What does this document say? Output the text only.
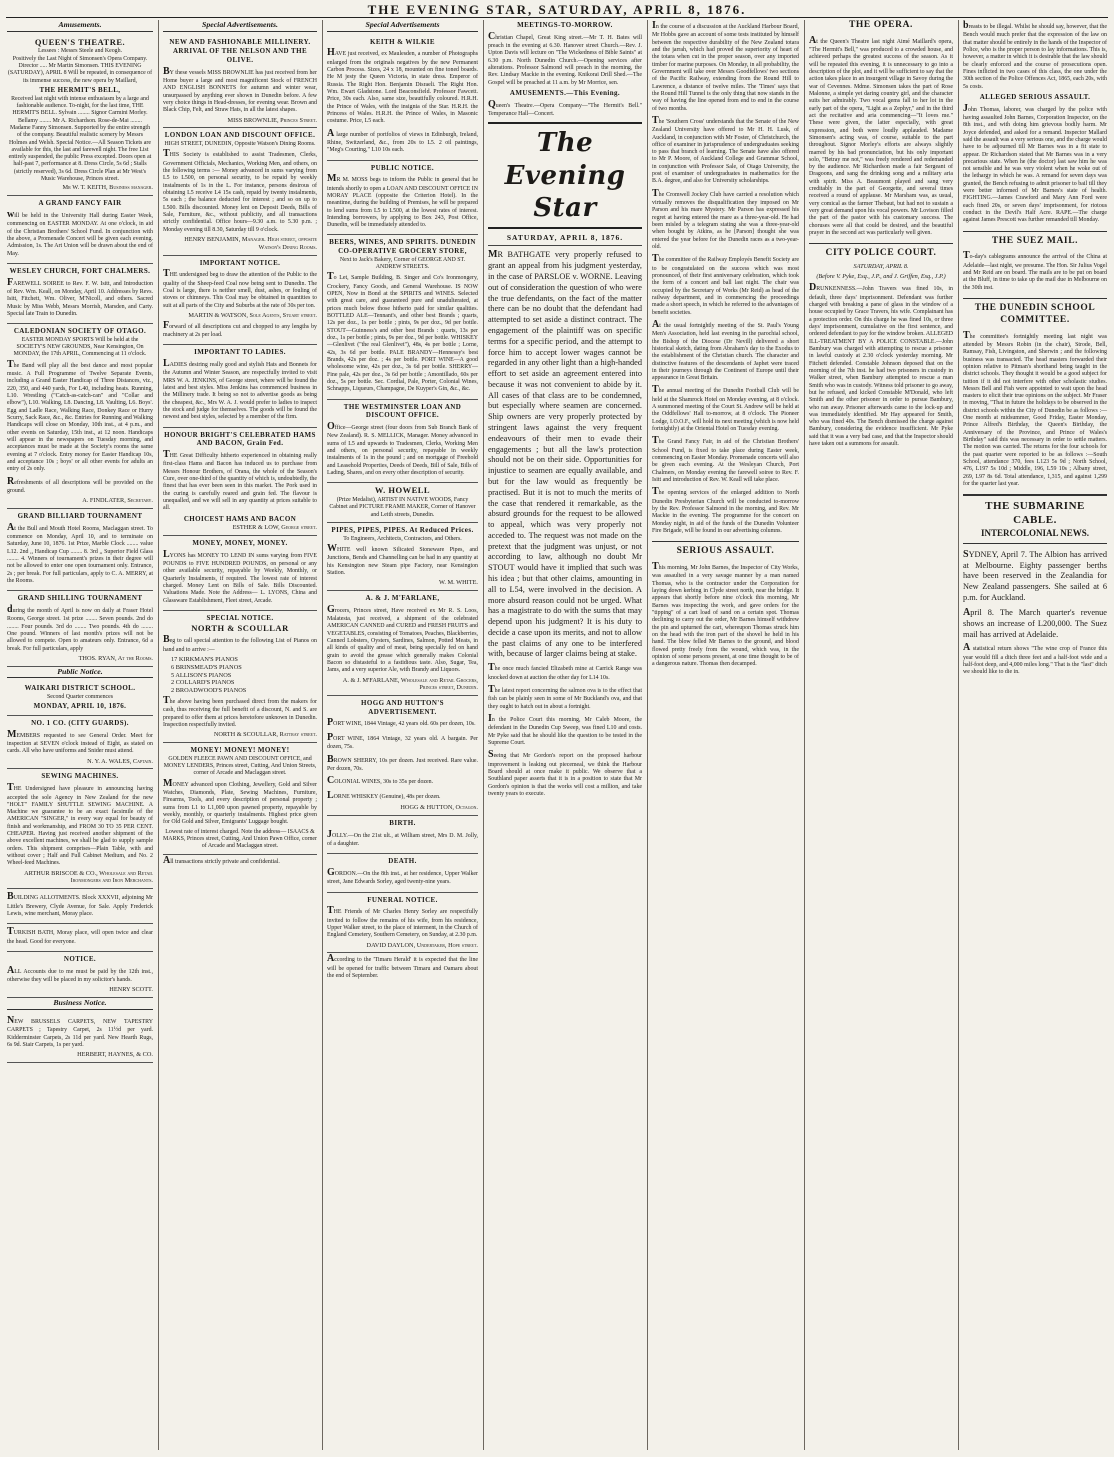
THE EVENING STAR, SATURDAY, APRIL 8, 1876.
Amusements.
QUEEN'S THEATRE.
Lessees : Messrs Steele and Keogh.
Positively the Last Night of Simonsen's Opera Company. Director ..... Mr Martin Simonsen. THIS EVENING (SATURDAY), APRIL 8 Will be repeated, in consequence of its immense success, the new opera by Maillard,
THE HERMIT'S BELL,
Received last night with intense enthusiasm by a large and fashionable audience. To-night, for the last time, THE HERMIT'S BELL. Sylvain ........ Signor Carmini Morley. Bellamy ........ Mr A. Richardson. Rose-de-Mai ........ Madame Fanny Simonsen. Supported by the entire strength of the company. Beautiful realistic scenery by Messrs Holmes and Welsh. Special Notice.—All Season Tickets are available for this, the last and farewell night. The free List entirely suspended, the public Press excepted. Doors open at half-past 7, performance at 8. Dress Circle, 5s 6d ; Stalls (strictly reserved), 3s 6d. Dress Circle Plan at Mr West's Music Warehouse, Princes street.
Mr W. T. KEITH, Business manager.
A GRAND FANCY FAIR
will be held in the University Hall during Easter Week, commencing on EASTER MONDAY. At one o'clock, in aid of the Christian Brothers' School Fund. In conjunction with the above, a Promenade Concert will be given each evening. Admission, 1s. The Art Union will be drawn about the end of May.
WESLEY CHURCH, FORT CHALMERS.
FAREWELL SOIREE to Rev. F. W. Isitt, and Introduction of Rev. Wm. Keall, on Monday, April 10. Addresses by Revs. Isitt, Fitchett, Wm. Oliver, M'Nicoll, and others. Sacred Music by Miss Webb, Messrs Morrish, Marsden, and Carty. Special late Train to Dunedin.
CALEDONIAN SOCIETY OF OTAGO.
EASTER MONDAY SPORTS Will be held at the SOCIETY'S NEW GROUNDS, Near Kensington, On MONDAY, the 17th APRIL, Commencing at 11 o'clock.
The Band will play all the best dance and most popular music. A Full Programme of Twelve Separate Events, including a Grand Easter Handicap of Three Distances, viz., 220, 350, and 440 yards, For L40, including heats. Running, L10. Wrestling ("Catch-as-catch-can" and "Collar and elbow"), L10. Walking, L8. Dancing, L8. Vaulting, L6. Boys'. Egg and Ladle Race, Walking Race, Donkey Race or Hurry Scurry, Sack Race, &c., &c. Entries for Running and Walking Handicaps will close on Monday, 10th inst., at 4 p.m., and other events on Saturday, 15th inst., at 12 noon. Handicaps will appear in the newspapers on Tuesday morning, and acceptances must be made at the Society's rooms the same evening at 7 o'clock. Entry money for Easter Handicap 10s, and acceptance 10s ; boys' or all other events for adults an entry of 2s only.
Refreshments of all descriptions will be provided on the ground.
A. FINDLATER, Secretary.
GRAND BILLIARD TOURNAMENT
At the Bull and Mouth Hotel Rooms, Maclaggan street. To commence on Monday, April 10, and to terminate on Saturday, June 10, 1876. 1st Prize, Marble Clock ........ value L12. 2nd ,, Handicap Cup ........ 8. 3rd ,, Superior Field Glass ........ 4. Winners of tournament's prizes in their degree will not be allowed to enter one open tournament only. Entrance, 2s ; per break. For full particulars, apply to C. A. MERRY, at the Rooms.
GRAND SHILLING TOURNAMENT
during the month of April is now on daily at Fraser Hotel Rooms, George street. 1st prize ........ Seven pounds. 2nd do ........ Four pounds. 3rd do ........ Two pounds. 4th do ........ One pound. Winners of last month's prizes will not be allowed to compete. Open to amateurs only. Entrance, 6d a break. For full particulars, apply
THOS. RYAN, At the Rooms.
Public Notice.
WAIKARI DISTRICT SCHOOL.
Second Quarter commences
MONDAY, APRIL 10, 1876.
NO. 1 CO. (CITY GUARDS).
MEMBERS requested to see General Order. Meet for inspection at SEVEN o'clock instead of Eight, as stated on cards. All who have uniforms and Snider must attend.
N. Y. A. WALES, Captain.
SEWING MACHINES.
THE Undersigned have pleasure in announcing having accepted the sole Agency in New Zealand for the new "HOLT" FAMILY SHUTTLE SEWING MACHINE. A Machine we guarantee to be an exact facsimile of the AMERICAN "SINGER," in every way equal for beauty of finish and workmanship, and FROM 30 TO 35 PER CENT. CHEAPER. Having just received another shipment of the above excellent machines, we shall be glad to supply sample orders. This shipment comprises—Plain Table, with and without cover ; Half and Full Cabinet Medium, and No. 2 Wheel-feed Machines.
ARTHUR BRISCOE & CO., Wholesale and Retail Ironmongers and Iron Merchants.
BUILDING ALLOTMENTS. Block XXXVII, adjoining Mr Little's Brewery, Clyde Avenue, for Sale. Apply Frederick Lewis, wine merchant, Moray place.
TURKISH BATH, Moray place, will open twice and clear the head. Good for everyone.
NOTICE.
ALL Accounts due to me must be paid by the 12th inst., otherwise they will be placed in my solicitor's hands.
HENRY SCOTT.
Business Notice.
NEW BRUSSELS CARPETS, NEW TAPESTRY CARPETS ; Tapestry Carpet, 2s 11½d per yard. Kidderminster Carpets, 2s 11d per yard. New Hearth Rugs, 6s 9d. Stair Carpets, 1s per yard.
HERBERT, HAYNES, & CO.
Special Advertisements.
NEW AND FASHIONABLE MILLINERY.
ARRIVAL OF THE NELSON AND THE OLIVE.
BY these vessels MISS BROWNLIE has just received from her Home buyer a large and most magnificent Stock of FRENCH AND ENGLISH BONNETS for autumn and winter wear, unsurpassed by anything ever shown in Dunedin before. A few very choice things in Head-dresses, for evening wear. Brown and Black Chip, Felt, and Straw Hats, in all the latest shapes.
MISS BROWNLIE, Princes Street.
LONDON LOAN AND DISCOUNT OFFICE.
HIGH STREET, DUNEDIN, Opposite Watson's Dining Rooms.
THIS Society is established to assist Tradesmen, Clerks, Government Officials, Mechanics, Working Men, and others, on the following terms :— Money advanced in sums varying from L5 to L500, on personal security, to be repaid by weekly instalments of 1s in the L. For instance, persons desirous of obtaining L5 receive L4 15s cash, repaid by twenty instalments, 5s each ; the balance deducted for interest ; and so on up to L500. Bills discounted. Money lent on Deposit Deeds, Bills of Sale, Furniture, &c., without publicity, and all transactions strictly confidential. Office hours—9.30 a.m. to 5.30 p.m. ; Monday evening till 8.30, Saturday till 9 o'clock.
HENRY BENJAMIN, Manager. High street, opposite Watson's Dining Rooms.
IMPORTANT NOTICE.
THE undersigned beg to draw the attention of the Public to the quality of the Sheep-feed Coal now being sent to Dunedin. The Coal is large, there is neither smell, dust, ashes, or fouling of stoves or chimneys. This Coal may be obtained in quantities to suit at all parts of the City and Suburbs at the rate of 30s per ton.
MARTIN & WATSON, Sole Agents, Stuart street.
Forward of all descriptions cut and chopped to any lengths by machinery at 2s per load.
IMPORTANT TO LADIES.
LADIES desiring really good and stylish Hats and Bonnets for the Autumn and Winter Season, are respectfully invited to visit MRS W. A. JENKINS, of George street, where will be found the latest and best styles. Miss Jenkins has commenced business in the Millinery trade. It being so not to advertise goods as being the cheapest, &c., Mrs W. A. J. would prefer to ladies to inspect the stock and judge for themselves. The goods will be found the newest and best styles, selected by a member of the firm.
HONOUR BRIGHT'S CELEBRATED HAMS AND BACON, Grain Fed.
THE Great Difficulty hitherto experienced in obtaining really first-class Hams and Bacon has induced us to purchase from Messrs Honour Brothers, of Orana, the whole of the Season's Cure, over one-third of the quantity of which is, undoubtedly, the finest that has ever been seen in this market. The Pork used in the curing is carefully reared and grain fed. The flavour is unequalled, and we will sell in any quantity at prices suitable to all.
CHOICEST HAMS AND BACON
ESTHER & LOW, George street.
MONEY, MONEY, MONEY.
LYONS has MONEY TO LEND IN sums varying from FIVE POUNDS to FIVE HUNDRED POUNDS, on personal or any other available security, repayable by Weekly, Monthly, or Quarterly Instalments, if required. The lowest rate of interest charged. Money Lent on Bills of Sale. Bills Discounted. Valuations Made. Note the Address— L. LYONS, China and Glassware Establishment, Fleet street, Arcade.
SPECIAL NOTICE.
NORTH & SCOULLAR
Beg to call special attention to the following List of Pianos on hand and to arrive :—
17 KIRKMAN'S PIANOS
6 BRINSMEAD'S PIANOS
5 ALLISON'S PIANOS
2 COLLARD'S PIANOS
2 BROADWOOD'S PIANOS
The above having been purchased direct from the makers for cash, thus receiving the full benefit of a discount, N. and S. are prepared to offer them at prices heretofore unknown in Dunedin. Inspection respectfully invited.
NORTH & SCOULLAR, Rattray street.
MONEY! MONEY! MONEY!
GOLDEN FLEECE PAWN AND DISCOUNT OFFICE, and MONEY LENDERS, Princes street, Cutting, And Union Streets, corner of Arcade and Maclaggan street.
MONEY advanced upon Clothing, Jewellery, Gold and Silver Watches, Diamonds, Plate, Sewing Machines, Furniture, Firearms, Tools, and every description of personal property ; sums from L1 to L1,000 upon pawned property, repayable by weekly, monthly, or quarterly instalments. Highest price given for Old Gold and Silver, Emigrants' Luggage bought.
Lowest rate of interest charged. Note the address— ISAACS & MARKS, Princes street, Cutting, And Union Pawn Office, corner of Arcade and Maclaggan street.
All transactions strictly private and confidential.
Special Advertisements
KEITH & WILKIE
HAVE just received, ex Maulesden, a number of Photographs enlarged from the originals negatives by the new Permanent Carbon Process. Sizes, 24 x 18, mounted on fine toned boards. He M jesty the Queen Victoria, in state dress. Emperor of Russia. The Right Hon. Benjamin Disraeli. The Right Hon. Wm. Ewart Gladstone. Lord Beaconsfield. Professor Fawcett. Price, 30s each. Also, same size, beautifully coloured. H.R.H. the Prince of Wales, with the insignia of the Star. H.R.H. the Princess of Wales. H.R.H. the Prince of Wales, in Masonic costume. Price, L5 each.
A large number of portfolios of views in Edinburgh, Ireland, Rhine, Switzerland, &c., from 20s to L5. 2 oil paintings, "Meg's Courting," L10 10s each.
PUBLIC NOTICE.
MR M. MOSS begs to inform the Public in general that he intends shortly to open a LOAN AND DISCOUNT OFFICE IN MORAY PLACE (opposite the Criterion Hotel). In the meantime, during the building of Premises, he will be prepared to lend sums from L5 to L500, at the lowest rates of interest. Intending borrowers, by applying to Box 243, Post Office, Dunedin, will be immediately attended to.
BEERS, WINES, AND SPIRITS. DUNEDIN CO-OPERATIVE GROCERY STORE,
Next to Jack's Bakery, Corner of GEORGE AND ST. ANDREW STREETS.
To Let, Sample Building, B. Singer and Co's Ironmongery, Crockery, Fancy Goods, and General Warehouse. IS NOW OPEN, Now in Bond at the SPIRITS and WINES. Selected with great care, and guaranteed pure and unadulterated, at prices much below those hitherto paid for similar qualities. BOTTLED ALE—Tennant's, and other best Brands ; quarts, 12s per doz., 1s per bottle ; pints, 9s per doz., 9d per bottle. STOUT—Guinness's and other best Brands : quarts, 13s per doz., 1s per bottle ; pints, 9s per doz., 9d per bottle. WHISKEY—Glenlivet ("the real Glenlivet"), 48s, 4s per bottle ; Lorne, 42s, 3s 6d per bottle. PALE BRANDY—Hennessy's best Brands, 42s per doz. ; 4s per bottle. PORT WINE—A good wholesome wine, 42s per doz., 3s 6d per bottle. SHERRY—Fine pale, 42s per doz., 3s 6d per bottle ; Amontillado, 60s per doz., 5s per bottle. Sec. Cordial, Pale, Porter, Colonial Wines, Schnapps, Liqueurs, Champagne, De Kuyper's Gin, &c., &c.
THE WESTMINSTER LOAN AND DISCOUNT OFFICE.
Office—George street (four doors from Sub Branch Bank of New Zealand). R. S. MELLICK, Manager. Money advanced in sums of L5 and upwards to Tradesmen, Clerks, Working Men and others, on personal security, repayable in weekly instalments of 1s in the pound ; and on mortgage of Freehold and Leasehold Properties, Deeds of Deeds, Bill of Sale, Bills of Lading, Shares, and on every other description of security.
W. HOWELL
(Prize Medalist), ARTIST IN NATIVE WOODS, Fancy Cabinet and PICTURE FRAME MAKER, Corner of Hanover and Leith streets, Dunedin.
PIPES, PIPES, PIPES. At Reduced Prices.
To Engineers, Architects, Contractors, and Others.
WHITE well known Silicated Stoneware Pipes, and Junctions, Bends and Channelling can be had in any quantity at his Kensington new Steam pipe Factory, near Kensington Station.
W. M. WHITE.
A. & J. M'FARLANE,
Grocers, Princes street, Have received ex Mr R. S. Loos, Malatesta, just received, a shipment of the celebrated AMERICAN CANNED and CURED and FRESH FRUITS and VEGETABLES, consisting of Tomatoes, Peaches, Blackberries, Canned Lobsters, Oysters, Sardines, Salmon, Potted Meats, in all kinds of quality and of meat, being specially fed on hand grain to avoid the grease which generally makes Colonial Bacon so distasteful to a fastidious taste. Also, Sugar, Tea, Jams, and a very superior Ale, with Brandy and Liquors.
A. & J. M'FARLANE, Wholesale and Retail Grocers, Princes street, Dunedin.
HOGG AND HUTTON'S ADVERTISEMENT.
PORT WINE, 1844 Vintage, 42 years old. 60s per dozen, 10s.
PORT WINE, 1864 Vintage, 32 years old. A bargain. Per dozen, 75s.
BROWN SHERRY, 10s per dozen. Just received. Rare value. Per dozen, 70s.
COLONIAL WINES, 30s to 35s per dozen.
LORNE WHISKEY (Genuine), 48s per dozen.
HOGG & HUTTON, Octagon.
BIRTH.
JOLLY.—On the 21st ult., at William street, Mrs D. M. Jolly, of a daughter.
DEATH.
GORDON.—On the 8th inst., at her residence, Upper Walker street, Jane Edwards Sorley, aged twenty-nine years.
FUNERAL NOTICE.
THE Friends of Mr Charles Henry Sorley are respectfully invited to follow the remains of his wife, from his residence, Upper Walker street, to the place of interment, in the Church of England Cemetery, Southern Cemetery, on Sunday, at 2.30 p.m.
DAVID DAYLON, Undertaker, Hope street.
According to the 'Timaru Herald' it is expected that the line will be opened for traffic between Timaru and Oamaru about the end of September.
MEETINGS-TO-MORROW.
Christian Chapel, Great King street.—Mr T. H. Bates will preach in the evening at 6.30. Hanover street Church.—Rev. J. Upton Davis will lecture on "The Wickedness of Bible Saints" at 6.30 p.m. North Dunedin Church.—Opening services after alterations. Professor Salmond will preach in the morning, the Rev. Lindsay Mackie in the evening. Knikorai Drill Shed.—The Gospel will be preached at 11 a.m. by Mr Morrice, sen.
AMUSEMENTS.—This Evening.
Queen's Theatre.—Opera Company—"The Hermit's Bell." Temperance Hall—Concert.
The Evening Star
SATURDAY, APRIL 8, 1876.
MR BATHGATE very properly refused to grant an appeal from his judgment yesterday, in the case of PARSLOE v. WORNE. Leaving out of consideration the question of who were the true defendants, on the fact of the matter there can be no doubt that the defendant had attempted to set aside a distinct contract. The engagement of the plaintiff was on specific terms for a specific period, and the attempt to force him to accept lower wages cannot be regarded in any other light than a high-handed effort to set aside an agreement entered into because it was not convenient to abide by it. All cases of that class are to be condemned, but especially where seamen are concerned. Ship owners are very properly protected by stringent laws against the very frequent endeavours of their men to evade their engagements ; but all the law's protection should not be on their side. Opportunities for injustice to seamen are equally available, and but for the law would as frequently be practised. But it is not to much the merits of the case that rendered it remarkable, as the absurd grounds for the request to be allowed to appeal, which was very properly not acceded to. The request was not made on the pretext that the judgment was unjust, or not according to law, although no doubt Mr STOUT would have it implied that such was his idea ; but that other claims, amounting in all to L54, were involved in the decision. A more absurd reason could not be urged. What has a magistrate to do with the sums that may depend upon his judgment? It is his duty to decide a case upon its merits, and not to allow the past claims of any one to be interfered with, because of larger claims being at stake.
The once much fancied Elizabeth mine at Carrick Range was knocked down at auction the other day for L14 10s.
The latest report concerning the salmon ova is to the effect that fish can be plainly seen in some of Mr Buckland's ova, and that they ought to hatch out in about a fortnight.
In the Police Court this morning, Mr Caleb Moore, the defendant in the Dunedin Cup Sweep, was fined L10 and costs. Mr Pyke said that he should like the question to be tested in the Supreme Court.
Seeing that Mr Gordon's report on the proposed harbour improvement is leaking out piecemeal, we think the Harbour Board should at once make it public. We observe that a Southland paper asserts that it is in a position to state that Mr Gordon's opinion is that the works will cost a million, and take twenty years to execute.
In the course of a discussion at the Auckland Harbour Board, Mr Hobbs gave an account of some tests instituted by himself between the respective durability of the New Zealand totara and the jarrah, which had proved the superiority of heart of the totara when cut in the proper season, over any imported timber for marine purposes. On Monday, in all probability, the Government will take over Messrs Goodfellows' two sections of the Pacific Railway, extending from the Round Hill to Lawrence, a distance of twelve miles. The 'Times' says that the Round Hill Tunnel is the only thing that now stands in the way of having the line opened from end to end in the course of two months.
The 'Southern Cross' understands that the Senate of the New Zealand University have offered to Mr H. H. Lusk, of Auckland, in conjunction with Mr Foster, of Christchurch, the office of examiner in jurisprudence of undergraduates seeking to pass that branch of learning. The Senate have also offered to Mr P. Moore, of Auckland College and Grammar School, in conjunction with Professor Sale, of Otago University, the post of examiner of undergraduates in mathematics for the B.A. degree, and also for University scholarships.
The Cromwell Jockey Club have carried a resolution which virtually removes the disqualification they imposed on Mr Parson and his mare Mystery. Mr Parson has expressed his regret at having entered the mare as a three-year-old. He had been misled by a telegram stating she was a three-year-old when bought by Atkins, as he [Parson] thought she was entered the year before for the Dunedin races as a two-year-old.
The committee of the Railway Employés Benefit Society are to be congratulated on the success which was most pronounced, of their first anniversary celebration, which took the form of a concert and ball last night. The chair was occupied by the Secretary of Works (Mr Reid) as head of the railway department, and in commencing the proceedings made a short speech, in which he referred to the advantages of benefit societies.
At the usual fortnightly meeting of the St. Paul's Young Men's Association, held last evening in the parochial school, the Bishop of the Diocese (Dr Nevill) delivered a short historical sketch, dating from Abraham's day to the Exodus to the establishment of the Christian church. The character and distinctive features of the descendants of Japhet were traced in their journeys through the Continent of Europe until their appearance in Great Britain.
The annual meeting of the Dunedin Football Club will be held at the Shamrock Hotel on Monday evening, at 8 o'clock. A summoned meeting of the Court St. Andrew will be held at the Oddfellows' Hall to-morrow, at 8 o'clock. The Pioneer Lodge, I.O.O.F., will hold its next meeting (which is now held fortnightly) at the Oriental Hotel on Tuesday evening.
The Grand Fancy Fair, in aid of the Christian Brothers' School Fund, is fixed to take place during Easter week, commencing on Easter Monday. Promenade concerts will also be given each evening. At the Wesleyan Church, Port Chalmers, on Monday evening the farewell soiree to Rev. F. Isitt and introduction of Rev. W. Keall will take place.
The opening services of the enlarged addition to North Dunedin Presbyterian Church will be conducted to-morrow by the Rev. Professor Salmond in the morning, and Rev. Mr Mackie in the evening. The programme for the concert on Monday night, in aid of the funds of the Dunedin Volunteer Fire Brigade, will be found in our advertising columns.
SERIOUS ASSAULT.
This morning, Mr John Barnes, the Inspector of City Works, was assaulted in a very savage manner by a man named Thomas, who is the contractor under the Corporation for laying down kerbing in Clyde street north, near the bridge. It appears that shortly before nine o'clock this morning, Mr Barnes was inspecting the work, and gave orders for the "tipping" of a cart load of sand on a certain spot. Thomas declining to carry out the order, Mr Barnes himself withdrew the pin and upturned the cart, whereupon Thomas struck him on the head with the iron part of the shovel he held in his hand. The blow felled Mr Barnes to the ground, and blood flowed pretty freely from the wound, which was, in the opinion of some persons present, at one time thought to be of a dangerous nature. Thomas then decamped.
THE OPERA.
At the Queen's Theatre last night Aimé Maillard's opera, "The Hermit's Bell," was produced to a crowded house, and achieved perhaps the greatest success of the season. As it will be repeated this evening, it is unnecessary to go into a description of the plot, and it will be sufficient to say that the action takes place in an insurgent village in Savoy during the war of Cevennes. Mdme. Simonsen takes the part of Rose Malonne, a simple yet daring country girl, and the character suits her admirably. Two vocal gems fall to her lot in the early part of the opera, "Light as a Zephyr," and in the third act the recitative and aria commencing—"It loves me." These were given, the latter especially, with great expression, and both were loudly applauded. Madame Simonsen's acting was, of course, suitable to the part throughout. Signor Morley's efforts are always slightly marred by his bad pronunciation, but his only important solo, "Betray me not," was freely rendered and redemanded by the audience. Mr Richardson made a fair Sergeant of Dragoons, and sang the drinking song and a military aria with spirit. Miss A. Beaumont played and sang very creditably in the part of Georgette, and several times received a round of applause. Mr Marsham was, as usual, very comical as the farmer Thebaut, but had not to sustain a very great demand upon his vocal powers. Mr Lovison filled the part of the pastor with his customary success. The choruses were all that could be desired, and the beautiful prayer in the second act was particularly well given.
CITY POLICE COURT.
SATURDAY, APRIL 8.
(Before V. Pyke, Esq., J.P., and J. Griffen, Esq., J.P.)
DRUNKENNESS.—John Travers was fined 10s, in default, three days' imprisonment. Defendant was further charged with breaking a pane of glass in the window of a house occupied by Grace Travers, his wife. Complainant has a protection order. On this charge he was fined 10s, or three days' imprisonment, cumulative on the first sentence, and ordered defendant to pay for the window broken. ALLEGED ILL-TREATMENT BY A POLICE CONSTABLE.—John Bambury was charged with attempting to rescue a prisoner in lawful custody at 2.30 o'clock yesterday morning. Mr Fitchett defended. Constable Johnson deposed that on the morning of the 7th inst. he had two prisoners in custody in Walker street, when Bambury attempted to rescue a man Smith who was in custody. Witness told prisoner to go away, but he refused, and kicked Constable M'Donald, who left Smith and the other prisoner in order to pursue Bambury, who ran away. Prisoner afterwards came to the lock-up and was immediately identified. Mr Hay appeared for Smith, who was fined 40s. The Bench dismissed the charge against Bambury, considering the evidence insufficient. Mr Pyke said that it was a very bad case, and that the Inspector should have taken out a summons for assault.
breasts to be illegal. Whilst he should say, however, that the Bench would much prefer that the expression of the law on that matter should be entirely in the hands of the Inspector of Police, who is the proper person to lay informations. This is, however, a matter in which it is desirable that the law should be clearly enforced and the course of prosecutions open. Fines inflicted in two cases of this class, the one under the 30th section of the Police Offences Act, 1865, each 20s, with 5s costs.
ALLEGED SERIOUS ASSAULT.
John Thomas, laborer, was charged by the police with having assaulted John Barnes, Corporation Inspector, on the 8th inst., and with doing him grievous bodily harm. Mr Joyce defended, and asked for a remand. Inspector Mallard said the assault was a very serious one, and the charge would have to be adjourned till Mr Barnes was in a fit state to appear. Dr Richardson stated that Mr Barnes was in a very precarious state. When he (the doctor) last saw him he was not sensible and he was very violent when he woke out of the lethargy in which he was. A remand for seven days was granted, the Bench refusing to admit prisoner to bail till they were better informed of Mr Barnes's state of health. FIGHTING.—James Crawford and Mary Ann Ford were each fined 20s, or seven days' imprisonment, for riotous conduct in the Devil's Half Acre. RAPE.—The charge against James Prescott was further remanded till Monday.
THE SUEZ MAIL.
To-day's cablegrams announce the arrival of the China at Adelaide—last night, we presume. The Hon. Sir Julius Vogel and Mr Reid are on board. The mails are to be put on board at the Bluff, in time to take up the mail due in Melbourne on the 30th inst.
THE DUNEDIN SCHOOL COMMITTEE.
The committee's fortnightly meeting last night was attended by Messrs Robin (in the chair), Strode, Bell, Ramsay, Fish, Livingston, and Sherwin ; and the following business was transacted. The head masters forwarded their opinion relative to Pitman's shorthand being taught in the district schools. They thought it would be a good subject for tuition if it did not interfere with other scholastic studies. Messrs Bell and Fish were appointed to wait upon the head masters to elicit their true opinions on the subject. Mr Fraser in moving, "That in future the holidays to be observed in the district schools within the City of Dunedin be as follows :—One month at midsummer, Good Friday, Easter Monday, Prince Alfred's Birthday, the Queen's Birthday, the Anniversary of the Province, and Prince of Wales's Birthday" said this was necessary in order to settle matters. The motion was carried. The returns for the four schools for the past quarter were reported to be as follows :—South School, attendance 370, fees L123 5s 9d ; North School, 476, L197 5s 10d ; Middle, 196, L59 10s ; Albany street, 269, L97 8s 6d. Total attendance, 1,315, and against 1,299 for the quarter last year.
THE SUBMARINE CABLE.
INTERCOLONIAL NEWS.
SYDNEY, April 7. The Albion has arrived at Melbourne. Eighty passenger berths have been reserved in the Zealandia for New Zealand passengers. She sailed at 6 p.m. for Auckland.
April 8. The March quarter's revenue shows an increase of L200,000. The Suez mail has arrived at Adelaide.
A statistical return shows "The wine crop of France this year would fill a ditch three feet and a half-foot wide and a half-foot deep, and 4,000 miles long." That is the "last" ditch we should like to die in.
